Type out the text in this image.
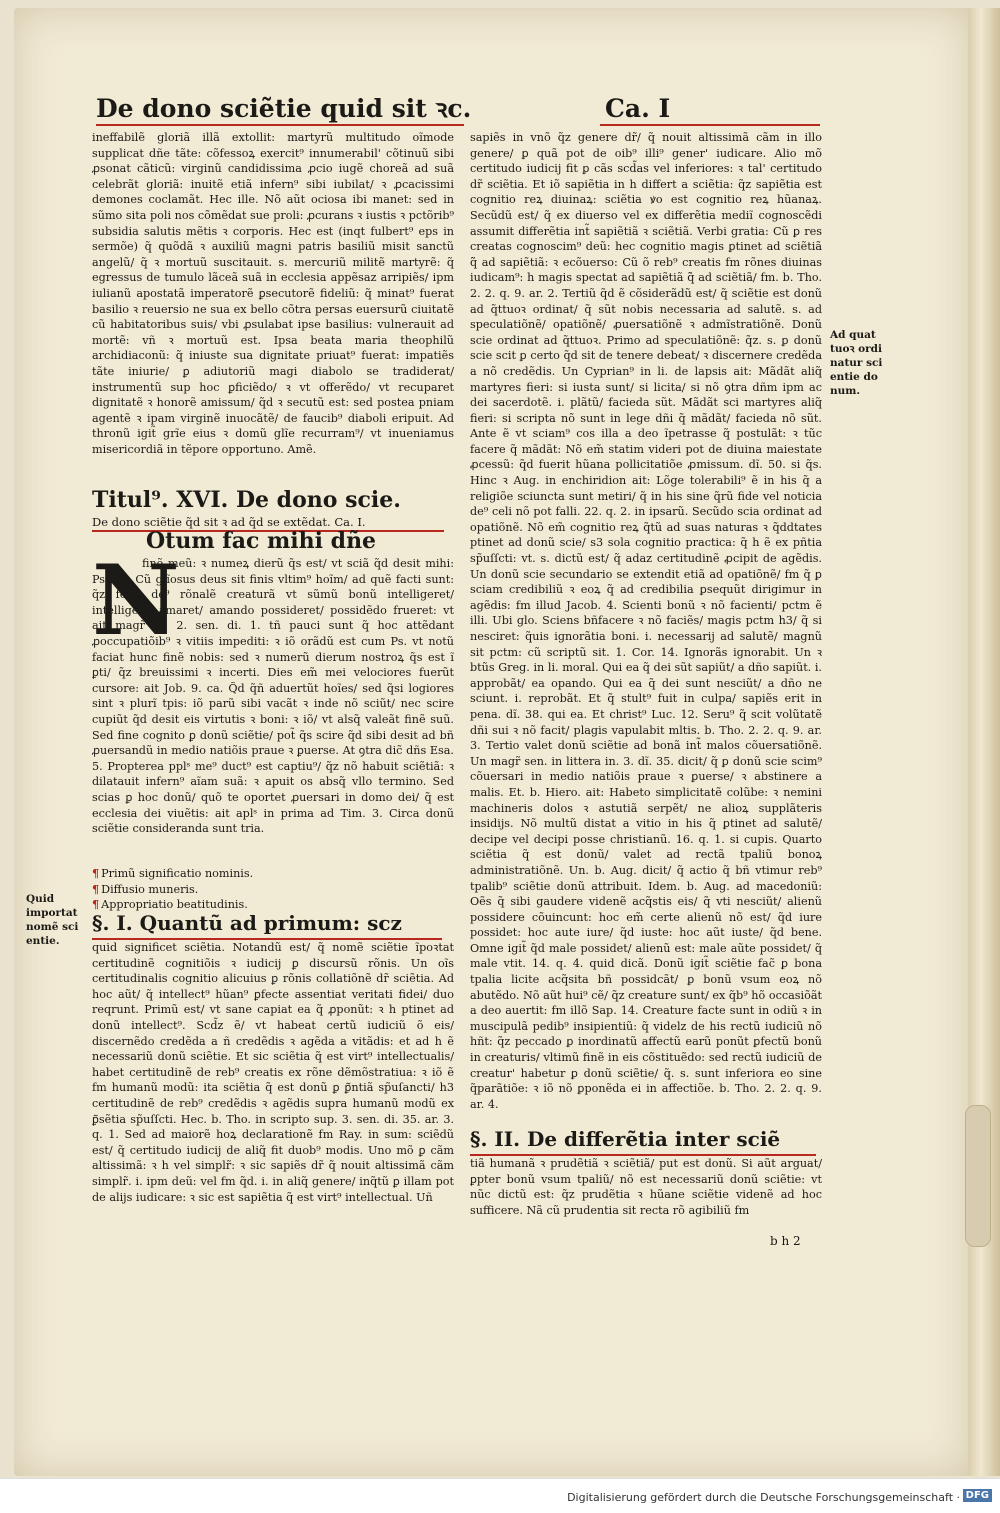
De dono sciẽtie quid sit ꝛc.	Ca. I

ineffabilẽ gloriã illã extollit: martyrũ multitudo oĩmode supplicat dñe tãte: cõfessoꝝ exercit⁹ innumerabil' cõtinuũ sibi ꝓsonat cãticũ: virginũ candidissima ꝓcio iugẽ choreã ad suã celebrãt gloriã: inuitẽ etiã infern⁹ sibi iubilat/ ꝛ ꝓcacissimi demones coclamãt. Hec ille. Nõ aũt ociosa ibi manet: sed in sũmo sita poli nos cõmẽdat sue proli: ꝓcurans ꝛ iustis ꝛ pctõrib⁹ subsidia salutis mẽtis ꝛ corporis. Hec est (inqt fulbert⁹ eps in sermõe) q̃ quõdã ꝛ auxiliũ magni patris basiliũ misit sanctũ angelũ/ q̃ ꝛ mortuũ suscitauit. s. mercuriũ militẽ martyrẽ: q̃ egressus de tumulo lãceã suã in ecclesia appẽsaz arripiẽs/ ipm iulianũ apostatã imperatorẽ ꝑsecutorẽ fideliũ: q̃ minat⁹ fuerat basilio ꝛ reuersio ne sua ex bello cõtra persas euersurũ ciuitatẽ cũ habitatoribus suis/ vbi ꝓsulabat ipse basilius: vulnerauit ad mortẽ: vñ ꝛ mortuũ est. Ipsa beata maria theophilũ archidiaconũ: q̃ iniuste sua dignitate priuat⁹ fuerat: impatiẽs tãte iniurie/ ꝑ adiutoriũ magi diabolo se tradiderat/ instrumentũ sup hoc ꝑficiẽdo/ ꝛ vt offerẽdo/ vt recuparet dignitatẽ ꝛ honorẽ amissum/ q̃d ꝛ secutũ est: sed postea pniam agentẽ ꝛ ipam virginẽ inuocãtẽ/ de faucib⁹ diaboli eripuit. Ad thronũ igit̃ grĩe eius ꝛ domũ glĩe recurram⁹/ vt inueniamus misericordiã in tẽpore opportuno. Amẽ.

Titul⁹. XVI. De dono scie.
De dono sciẽtie q̃d sit ꝛ ad q̃d se extẽdat. Ca. I.
N
Otum fac mihi dñe

finẽ meũ: ꝛ numeꝝ dierũ q̃s est/ vt sciã q̃d desit mihi: Ps. 38. Cũ glĩosus deus sit finis vltim⁹ hoĩm/ ad quẽ facti sunt: q̃z fecit de⁹ rõnalẽ creaturã vt sũmũ bonũ intelligeret/ intelligẽdo amaret/ amando possideret/ possidẽdo frueret: vt ait magr̃ in. 2. sen. di. 1. tñ pauci sunt q̃ hoc attẽdant ꝓoccupatiõib⁹ ꝛ vitiis impediti: ꝛ iõ orãdũ est cum Ps. vt notũ faciat hunc finẽ nobis: sed ꝛ numerũ dierum nostroꝝ q̃s est ĩ ꝑti/ q̃z breuissimi ꝛ incerti. Dies em̃ mei velociores fuerũt cursore: ait Job. 9. ca. Q̃d q̃ñ aduertũt hoĩes/ sed q̃si logiores sint ꝛ plurĩ tpis: iõ parũ sibi vacãt ꝛ inde nõ sciũt/ nec scire cupiũt q̃d desit eis virtutis ꝛ boni: ꝛ iõ/ vt alsq̃ valeãt finẽ suũ. Sed fine cognito ꝑ donũ sciẽtie/ pot̃ q̃s scire q̃d sibi desit ad bñ ꝓuersandũ in medio natiõis praue ꝛ ꝑuerse. At ꝯtra dic̃ dñs Esa. 5. Propterea pplˢ me⁹ duct⁹ est captiu⁹/ q̃z nõ habuit sciẽtiã: ꝛ dilatauit infern⁹ aĩam suã: ꝛ apuit os absq̃ vllo termino. Sed scias ꝑ hoc donũ/ quõ te oportet ꝓuersari in domo dei/ q̃ est ecclesia dei viuẽtis: ait aplˢ in prima ad Tim. 3. Circa donũ sciẽtie consideranda sunt tria.

¶ Primũ significatio nominis.
¶ Diffusio muneris.
¶ Appropriatio beatitudinis.
Quid importat nomẽ sci entie.
§. I. Quantũ ad primum: scz

quid significet sciẽtia. Notandũ est/ q̃ nomẽ sciẽtie ĩpoꝛtat certitudinẽ cognitiõis ꝛ iudicij ꝑ discursũ rõnis. Un oĩs certitudinalis cognitio alicuius ꝑ rõnis collatiõnẽ dr̃ sciẽtia. Ad hoc aũt/ q̃ intellect⁹ hũan⁹ ꝑfecte assentiat veritati fidei/ duo reqrunt. Primũ est/ vt sane capiat ea q̃ ꝓponũt: ꝛ h ptinet ad donũ intellect⁹. Scd̃z ẽ/ vt habeat certũ iudiciũ õ eis/ discernẽdo credẽda a ñ credẽdis ꝛ agẽda a vitãdis: et ad h ẽ necessariũ donũ sciẽtie. Et sic sciẽtia q̃ est virt⁹ intellectualis/ habet certitudinẽ de reb⁹ creatis ex rõne dẽmõstratiua: ꝛ iõ ẽ fm humanũ modũ: ita sciẽtia q̃ est donũ ꝑ ꝑ̃ntiã sp̃uſancti/ h3 certitudinẽ de reb⁹ credẽdis ꝛ agẽdis supra humanũ modũ ex ꝑ̃sẽtia sp̃uſſcti. Hec. b. Tho. in scripto sup. 3. sen. di. 35. ar. 3. q. 1. Sed ad maiorẽ hoꝝ declarationẽ fm Ray. in sum: sciẽdũ est/ q̃ certitudo iudicij de aliq̃ fit duob⁹ modis. Uno mõ ꝑ cãm altissimã: ꝛ h vel simplr̃: ꝛ sic sapiẽs dr̃ q̃ nouit altissimã cãm simplr̃. i. ipm deũ: vel fm q̃d. i. in aliq̃ genere/ inq̃tũ ꝑ illam pot de alijs iudicare: ꝛ sic est sapiẽtia q̃ est virt⁹ intellectual. Uñ

sapiẽs in vnõ q̃z genere dr̃/ q̃ nouit altissimã cãm in illo genere/ ꝑ quã pot de oib⁹ illi⁹ gener' iudicare. Alio mõ certitudo iudicij fit ꝑ cãs scd̃as vel inferiores: ꝛ tal' certitudo dr̃ sciẽtia. Et iõ sapiẽtia in h differt a sciẽtia: q̃z sapiẽtia est cognitio reꝝ diuinaꝝ: sciẽtia ꝟo est cognitio reꝝ hũanaꝝ. Secũdũ est/ q̃ ex diuerso vel ex differẽtia mediĩ cognoscẽdi assumit differẽtia int̃ sapiẽtiã ꝛ sciẽtiã. Verbi gratia: Cũ ꝑ res creatas cognoscim⁹ deũ: hec cognitio magis ꝑtinet ad sciẽtiã q̃̃ ad sapiẽtiã: ꝛ ecõuerso: Cũ õ reb⁹ creatis fm rõnes diuinas iudicam⁹: h magis spectat ad sapiẽtiã q̃̃ ad sciẽtiã/ fm. b. Tho. 2. 2. q. 9. ar. 2. Tertiũ q̃d ẽ cõsiderãdũ est/ q̃ sciẽtie est donũ ad q̃ttuoꝛ ordinat/ q̃ sũt nobis necessaria ad salutẽ. s. ad speculatiõnẽ/ opatiõnẽ/ ꝓuersatiõnẽ ꝛ admĩstratiõnẽ. Donũ scie ordinat ad q̃ttuoꝛ. Primo ad speculatiõnẽ: q̃z. s. ꝑ donũ scie scit ꝑ certo q̃d sit de tenere debeat/ ꝛ discernere credẽda a nõ credẽdis. Un Cyprian⁹ in li. de lapsis ait: Mãdãt aliq̃ martyres fieri: si iusta sunt/ si licita/ si nõ ꝯtra dñm ipm ac dei sacerdotẽ. i. plãtũ/ facieda sũt. Mãdãt sci martyres aliq̃ fieri: si scripta nõ sunt in lege dñi q̃ mãdãt/ facieda nõ sũt. Ante ẽ vt sciam⁹ cos illa a deo ĩpetrasse q̃ postulãt: ꝛ tũc facere q̃ mãdãt: Nõ em̃ statim videri pot de diuina maiestate ꝓcessũ: q̃d fuerit hũana pollicitatiõe ꝓmissum. dĩ. 50. si q̃s. Hinc ꝛ Aug. in enchiridion ait: Lõge tolerabili⁹ ẽ in his q̃ a religiõe sciuncta sunt metiri/ q̃ in his sine q̃rũ fide vel noticia de⁹ celi nõ pot falli. 22. q. 2. in ipsarũ. Secũdo scia ordinat ad opatiõnẽ. Nõ em̃ cognitio reꝝ q̃tũ ad suas naturas ꝛ q̃ddtates ptinet ad donũ scie/ s3 sola cognitio practica: q̃ h ẽ ex pñtia sp̃uſſcti: vt. s. dictũ est/ q̃ adaz certitudinẽ ꝓcipit de agẽdis. Un donũ scie secundario se extendit etiã ad opatiõnẽ/ fm q̃ ꝑ sciam credibiliũ ꝛ eoꝝ q̃ ad credibilia ꝑsequũt dirigimur in agẽdis: fm illud Jacob. 4. Scienti bonũ ꝛ nõ facienti/ pctm ẽ illi. Ubi glo. Sciens bñfacere ꝛ nõ faciẽs/ magis pctm h3/ q̃ si nesciret: q̃uis ignorãtia boni. i. necessarij ad salutẽ/ magnũ sit pctm: cũ scriptũ sit. 1. Cor. 14. Ignorãs ignorabit. Un ꝛ btũs Greg. in li. moral. Qui ea q̃ dei sũt sapiũt/ a dño sapiũt. i. approbãt/ ea opando. Qui ea q̃ dei sunt nesciũt/ a dño ne sciunt. i. reprobãt. Et q̃ stult⁹ fuit in culpa/ sapiẽs erit in pena. dĩ. 38. qui ea. Et christ⁹ Luc. 12. Seru⁹ q̃ scit volũtatẽ dñi sui ꝛ nõ facit/ plagis vapulabit mltis. b. Tho. 2. 2. q. 9. ar. 3. Tertio valet donũ sciẽtie ad bonã int̃ malos cõuersatiõnẽ. Un magr̃ sen. in littera in. 3. dĩ. 35. dicit/ q̃ ꝑ donũ scie scim⁹ cõuersari in medio natiõis praue ꝛ ꝑuerse/ ꝛ abstinere a malis. Et. b. Hiero. ait: Habeto simplicitatẽ colũbe: ꝛ nemini machineris dolos ꝛ astutiã serpẽt/ ne alioꝝ supplãteris insidijs. Nõ multũ distat a vitio in his q̃ ꝑtinet ad salutẽ/ decipe vel decipi posse christianũ. 16. q. 1. si cupis. Quarto sciẽtia q̃ est donũ/ valet ad rectã tpaliũ bonoꝝ administratiõnẽ. Un. b. Aug. dicit/ q̃ actio q̃ bñ vtimur reb⁹ tpalib⁹ sciẽtie donũ attribuit. Idem. b. Aug. ad macedoniũ: Oẽs q̃ sibi gaudere videnẽ acq̃stis eis/ q̃ vti nesciũt/ alienũ possidere cõuincunt: hoc em̃ certe alienũ nõ est/ q̃d iure possidet: hoc aute iure/ q̃d iuste: hoc aũt iuste/ q̃d bene. Omne igit̃ q̃d male possidet/ alienũ est: male aũte possidet/ q̃ male vtit. 14. q. 4. quid dicã. Donũ igit̃ sciẽtie fac̃ ꝑ bona tpalia licite acq̃sita bñ possidcãt/ ꝑ bonũ vsum eoꝝ nõ abutẽdo. Nõ aũt hui⁹ cẽ/ q̃z creature sunt/ ex q̃b⁹ hõ occasiõãt a deo auertit: fm illõ Sap. 14. Creature facte sunt in odiũ ꝛ in muscipulã pedib⁹ insipientiũ: q̃ videlz de his rectũ iudiciũ nõ hñt: q̃z peccado ꝑ inordinatũ affectũ earũ ponũt ꝑfectũ bonũ in creaturis/ vltimũ finẽ in eis cõstituẽdo: sed rectũ iudiciũ de creatur' habetur ꝑ donũ sciẽtie/ q̃. s. sunt inferiora eo sine q̃parãtiõe: ꝛ iõ nõ ꝑponẽda ei in affectiõe. b. Tho. 2. 2. q. 9. ar. 4.

Ad quat tuoꝛ ordi natur sci entie do num.
§. II. De differẽtia inter sciẽ

tiã humanã ꝛ prudẽtiã ꝛ sciẽtiã/ put est donũ. Si aũt arguat/ ꝑpter bonũ vsum tpaliũ/ nõ est necessariũ donũ sciẽtie: vt nũc dictũ est: q̃z prudẽtia ꝛ hũane sciẽtie videnẽ ad hoc sufficere. Nã cũ prudentia sit recta rõ agibiliũ fm

b h 2
Digitalisierung gefördert durch die Deutsche Forschungsgemeinschaft · DFG
